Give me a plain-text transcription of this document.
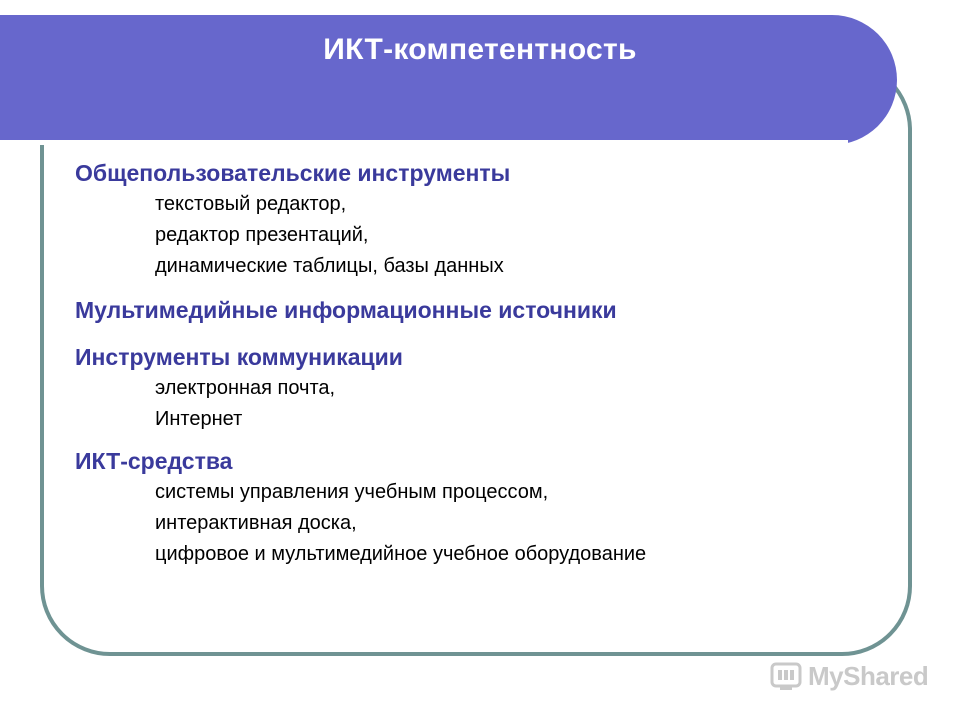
ИКТ-компетентность
Общепользовательские инструменты
текстовый редактор,
редактор презентаций,
динамические таблицы, базы данных
Мультимедийные информационные источники
Инструменты коммуникации
электронная почта,
Интернет
ИКТ-средства
системы управления учебным процессом,
интерактивная доска,
цифровое и мультимедийное учебное оборудование
MyShared
